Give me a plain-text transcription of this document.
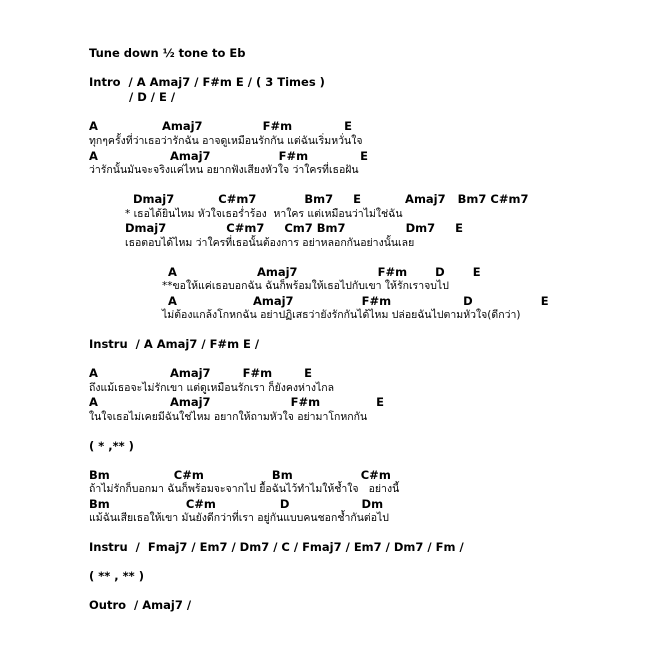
Tune down ½ tone to Eb
Intro  / A Amaj7 / F#m E / ( 3 Times )
/ D / E /
A                Amaj7               F#m             E
ทุกๆครั้งที่ว่าเธอว่ารักฉัน อาจดูเหมือนรักกัน แต่ฉันเริ่มหวั่นใจ
A                  Amaj7                 F#m             E
ว่ารักนั้นมันจะจริงแค่ไหน อยากฟังเสียงหัวใจ ว่าใครที่เธอฝัน
Dmaj7           C#m7            Bm7     E           Amaj7   Bm7 C#m7
* เธอได้ยินไหม หัวใจเธอร่ำร้อง  หาใคร แต่เหมือนว่าไม่ใช่ฉัน
Dmaj7               C#m7     Cm7 Bm7               Dm7     E
เธอตอบได้ไหม ว่าใครที่เธอนั้นต้องการ อย่าหลอกกันอย่างนั้นเลย
A                    Amaj7                    F#m       D       E
**ขอให้แค่เธอบอกฉัน ฉันก็พร้อมให้เธอไปกับเขา ให้รักเราจบไป
A                   Amaj7                 F#m                  D                 E
ไม่ต้องแกล้งโกหกฉัน อย่าปฏิเสธว่ายังรักกันได้ไหม ปล่อยฉันไปตามหัวใจ(ดีกว่า)
Instru  / A Amaj7 / F#m E /
A                  Amaj7        F#m        E
ถึงแม้เธอจะไม่รักเขา แต่ดูเหมือนรักเรา ก็ยังคงห่างไกล
A                  Amaj7                    F#m              E
ในใจเธอไม่เคยมีฉันใช่ไหม อยากให้ถามหัวใจ อย่ามาโกหกกัน
( * ,** )
Bm                C#m                 Bm                 C#m
ถ้าไม่รักก็บอกมา ฉันก็พร้อมจะจากไป ยื้อฉันไว้ทำไมให้ช้ำใจ   อย่างนี้
Bm                   C#m                D                  Dm
แม้ฉันเสียเธอให้เขา มันยังดีกว่าที่เรา อยู่กันแบบคนชอกช้ำกันต่อไป
Instru  /  Fmaj7 / Em7 / Dm7 / C / Fmaj7 / Em7 / Dm7 / Fm /
( ** , ** )
Outro  / Amaj7 /
